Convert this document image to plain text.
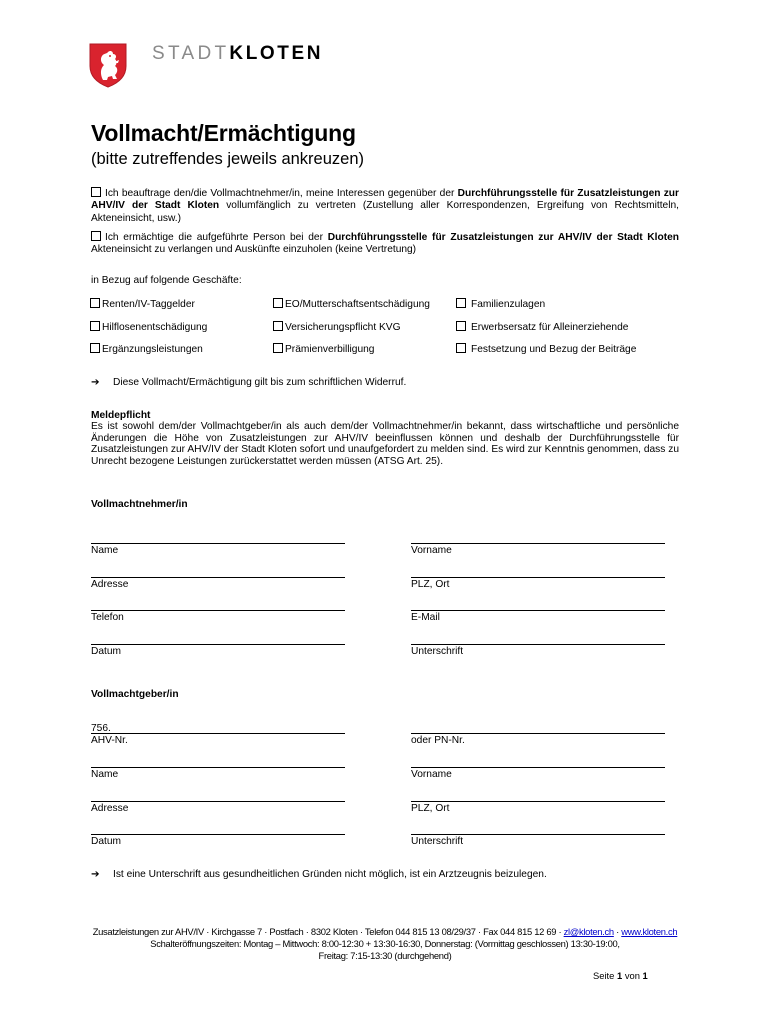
STADTKLOTEN
Vollmacht/Ermächtigung
(bitte zutreffendes jeweils ankreuzen)
Ich beauftrage den/die Vollmachtnehmer/in, meine Interessen gegenüber der Durchführungsstelle für Zusatzleistungen zur AHV/IV der Stadt Kloten vollumfänglich zu vertreten (Zustellung aller Korrespondenzen, Ergreifung von Rechtsmitteln, Akteneinsicht, usw.)
Ich ermächtige die aufgeführte Person bei der Durchführungsstelle für Zusatzleistungen zur AHV/IV der Stadt Kloten Akteneinsicht zu verlangen und Auskünfte einzuholen (keine Vertretung)
in Bezug auf folgende Geschäfte:
Renten/IV-Taggelder	EO/Mutterschaftsentschädigung	Familienzulagen
Hilflosenentschädigung	Versicherungspflicht KVG	Erwerbsersatz für Alleinerziehende
Ergänzungsleistungen	Prämienverbilligung	Festsetzung und Bezug der Beiträge
➔ Diese Vollmacht/Ermächtigung gilt bis zum schriftlichen Widerruf.
Meldepflicht
Es ist sowohl dem/der Vollmachtgeber/in als auch dem/der Vollmachtnehmer/in bekannt, dass wirtschaftliche und persönliche Änderungen die Höhe von Zusatzleistungen zur AHV/IV beeinflussen können und deshalb der Durchführungsstelle für Zusatzleistungen zur AHV/IV der Stadt Kloten sofort und unaufgefordert zu melden sind. Es wird zur Kenntnis genommen, dass zu Unrecht bezogene Leistungen zurückerstattet werden müssen (ATSG Art. 25).
Vollmachtnehmer/in
Name	Vorname
Adresse	PLZ, Ort
Telefon	E-Mail
Datum	Unterschrift
Vollmachtgeber/in
756.
AHV-Nr.	oder PN-Nr.
Name	Vorname
Adresse	PLZ, Ort
Datum	Unterschrift
➔ Ist eine Unterschrift aus gesundheitlichen Gründen nicht möglich, ist ein Arztzeugnis beizulegen.
Zusatzleistungen zur AHV/IV · Kirchgasse 7 · Postfach · 8302 Kloten · Telefon 044 815 13 08/29/37 · Fax 044 815 12 69 · zl@kloten.ch · www.kloten.ch
Schalteröffnungszeiten: Montag – Mittwoch: 8:00-12:30 + 13:30-16:30, Donnerstag: (Vormittag geschlossen) 13:30-19:00,
Freitag: 7:15-13:30 (durchgehend)
Seite 1 von 1
